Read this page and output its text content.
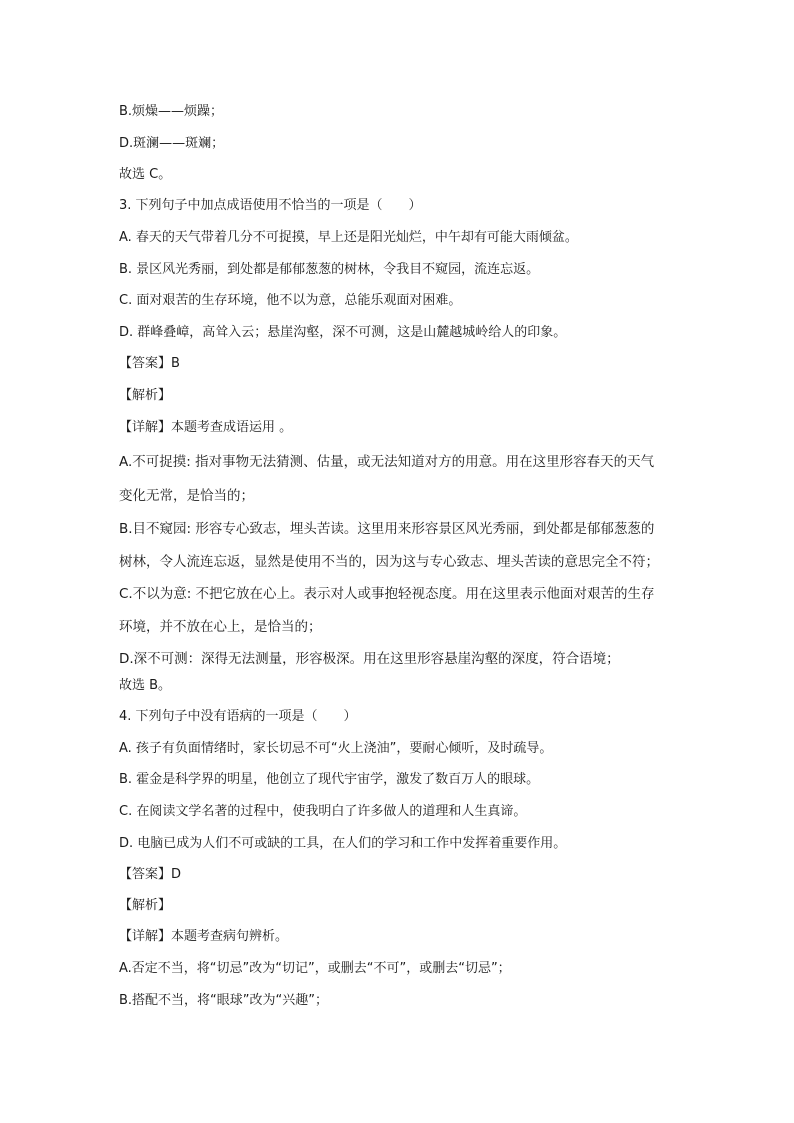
B.烦燥——烦躁；
D.斑澜——斑斓；
故选 C。
3. 下列句子中加点成语使用不恰当的一项是（　　）
A. 春天的天气带着几分不可捉摸，早上还是阳光灿烂，中午却有可能大雨倾盆。
B. 景区风光秀丽，到处都是郁郁葱葱的树林，令我目不窥园，流连忘返。
C. 面对艰苦的生存环境，他不以为意，总能乐观面对困难。
D. 群峰叠嶂，高耸入云；悬崖沟壑，深不可测，这是山麓越城岭给人的印象。
【答案】B
【解析】
【详解】本题考查成语运用 。
A.不可捉摸: 指对事物无法猜测、估量，或无法知道对方的用意。用在这里形容春天的天气
变化无常，是恰当的；
B.目不窥园: 形容专心致志，埋头苦读。这里用来形容景区风光秀丽，到处都是郁郁葱葱的
树林，令人流连忘返，显然是使用不当的，因为这与专心致志、埋头苦读的意思完全不符；
C.不以为意: 不把它放在心上。表示对人或事抱轻视态度。用在这里表示他面对艰苦的生存
环境，并不放在心上，是恰当的；
D.深不可测：深得无法测量，形容极深。用在这里形容悬崖沟壑的深度，符合语境；
故选 B。
4. 下列句子中没有语病的一项是（　　）
A. 孩子有负面情绪时，家长切忌不可“火上浇油”，要耐心倾听，及时疏导。
B. 霍金是科学界的明星，他创立了现代宇宙学，激发了数百万人的眼球。
C. 在阅读文学名著的过程中，使我明白了许多做人的道理和人生真谛。
D. 电脑已成为人们不可或缺的工具，在人们的学习和工作中发挥着重要作用。
【答案】D
【解析】
【详解】本题考查病句辨析。
A.否定不当，将“切忌”改为“切记”，或删去“不可”，或删去“切忌”；
B.搭配不当，将“眼球”改为“兴趣”；
